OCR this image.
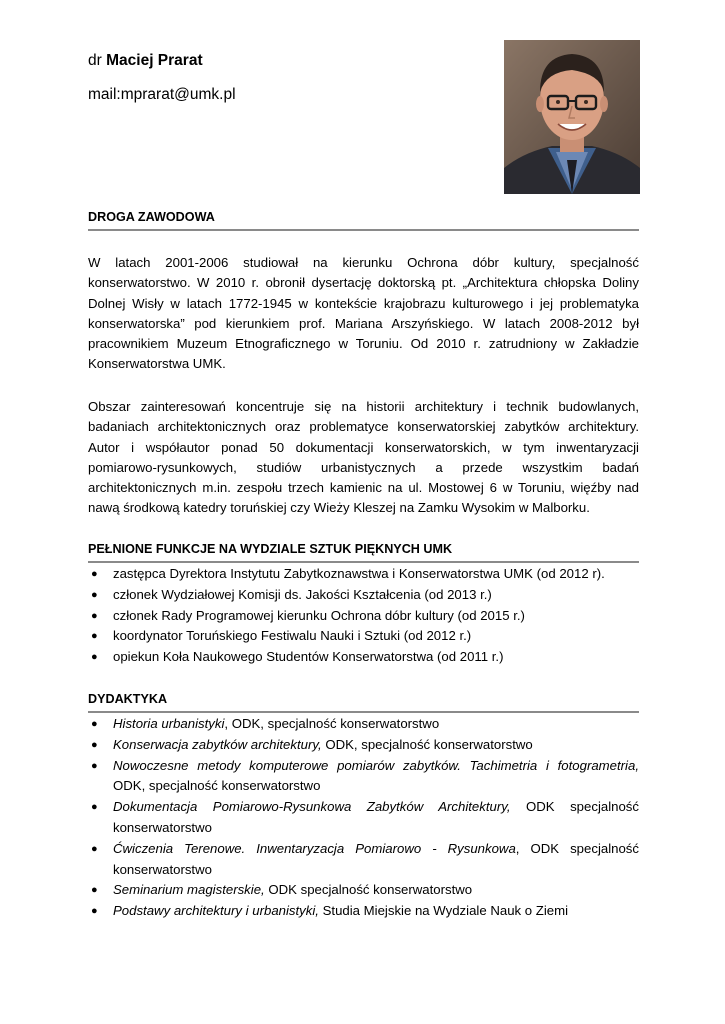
dr Maciej Prarat
mail:mprarat@umk.pl
DROGA ZAWODOWA

W latach 2001-2006 studiował na kierunku Ochrona dóbr kultury, specjalność konserwatorstwo. W 2010 r. obronił dysertację doktorską pt. „Architektura chłopska Doliny Dolnej Wisły w latach 1772-1945 w kontekście krajobrazu kulturowego i jej problematyka konserwatorska” pod kierunkiem prof. Mariana Arszyńskiego. W latach 2008-2012 był pracownikiem Muzeum Etnograficznego w Toruniu. Od 2010 r. zatrudniony w Zakładzie Konserwatorstwa UMK.

Obszar zainteresowań koncentruje się na historii architektury i technik budowlanych, badaniach architektonicznych oraz problematyce konserwatorskiej zabytków architektury. Autor i współautor ponad 50 dokumentacji konserwatorskich, w tym inwentaryzacji pomiarowo-rysunkowych, studiów urbanistycznych a przede wszystkim badań architektonicznych m.in. zespołu trzech kamienic na ul. Mostowej 6 w Toruniu, więźby nad nawą środkową katedry toruńskiej czy Wieży Kleszej na Zamku Wysokim w Malborku.

PEŁNIONE FUNKCJE NA WYDZIALE SZTUK PIĘKNYCH UMK
● zastępca Dyrektora Instytutu Zabytkoznawstwa i Konserwatorstwa UMK (od 2012 r).
● członek Wydziałowej Komisji ds. Jakości Kształcenia (od 2013 r.)
● członek Rady Programowej kierunku Ochrona dóbr kultury (od 2015 r.)
● koordynator Toruńskiego Festiwalu Nauki i Sztuki (od 2012 r.)
● opiekun Koła Naukowego Studentów Konserwatorstwa (od 2011 r.)
DYDAKTYKA
● Historia urbanistyki, ODK, specjalność konserwatorstwo
● Konserwacja zabytków architektury, ODK, specjalność konserwatorstwo
● Nowoczesne metody komputerowe pomiarów zabytków. Tachimetria i fotogrametria, ODK, specjalność konserwatorstwo
● Dokumentacja Pomiarowo-Rysunkowa Zabytków Architektury, ODK specjalność konserwatorstwo
● Ćwiczenia Terenowe. Inwentaryzacja Pomiarowo - Rysunkowa, ODK specjalność konserwatorstwo
● Seminarium magisterskie, ODK specjalność konserwatorstwo
● Podstawy architektury i urbanistyki, Studia Miejskie na Wydziale Nauk o Ziemi
